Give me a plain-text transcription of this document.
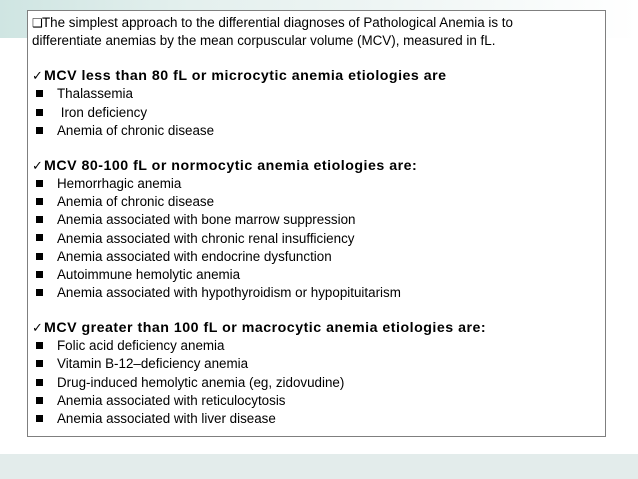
❑The simplest approach to the differential diagnoses of Pathological Anemia is to
differentiate anemias by the mean corpuscular volume (MCV), measured in fL.
✓MCV less than 80 fL or microcytic anemia etiologies are
Thalassemia
Iron deficiency
Anemia of chronic disease
✓MCV 80-100 fL or normocytic anemia etiologies are:
Hemorrhagic anemia
Anemia of chronic disease
Anemia associated with bone marrow suppression
Anemia associated with chronic renal insufficiency
Anemia associated with endocrine dysfunction
Autoimmune hemolytic anemia
Anemia associated with hypothyroidism or hypopituitarism
✓MCV greater than 100 fL or macrocytic anemia etiologies are:
Folic acid deficiency anemia
Vitamin B-12–deficiency anemia
Drug-induced hemolytic anemia (eg, zidovudine)
Anemia associated with reticulocytosis
Anemia associated with liver disease
